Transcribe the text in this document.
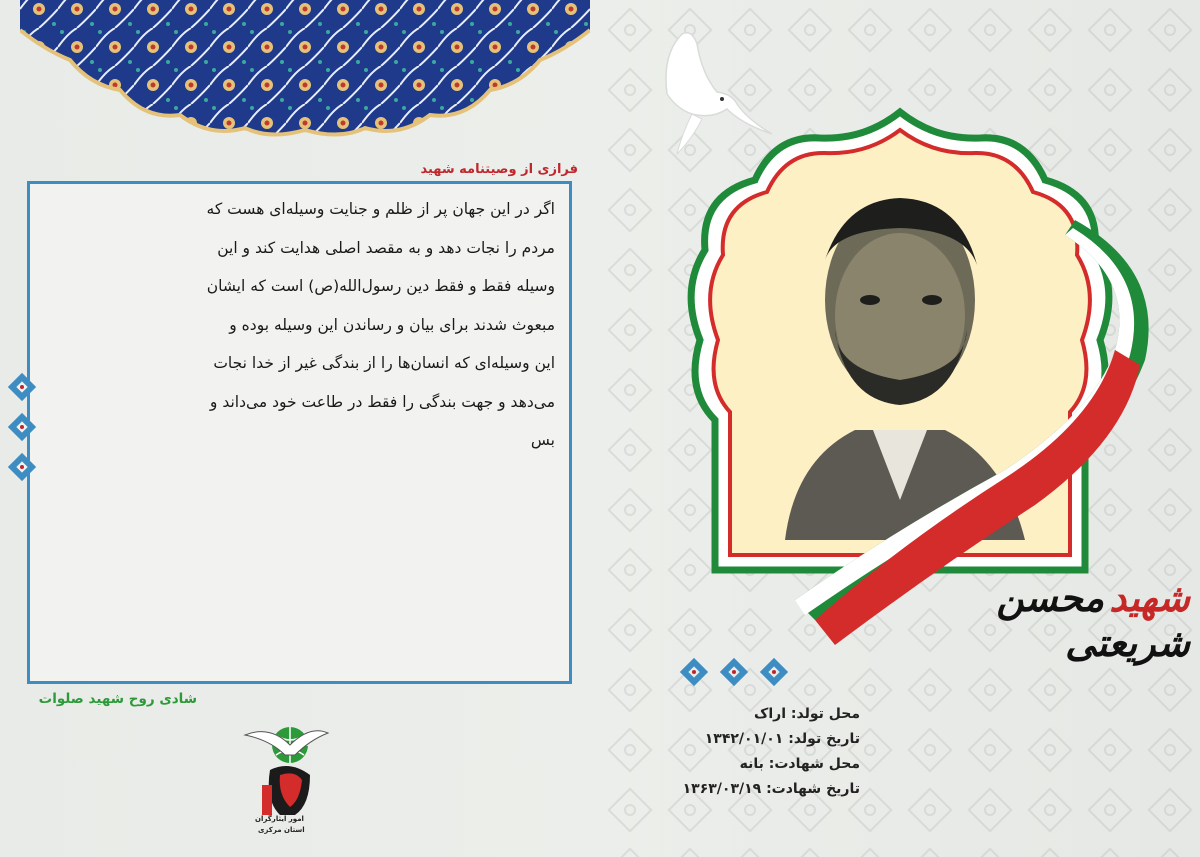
فرازی از وصیتنامه شهید
اگر در این جهان پر از ظلم و جنایت وسیله‌ای هست که
مردم را نجات دهد و به مقصد اصلی هدایت کند و این
وسیله فقط و فقط دین رسول‌الله(ص) است که ایشان
مبعوث شدند برای بیان و رساندن این وسیله بوده و
این وسیله‌ای که انسان‌ها را از بندگی غیر از خدا نجات
می‌دهد و جهت بندگی را فقط در طاعت خود می‌داند و
بس
شادی روح شهید صلوات
شهید محسن شریعتی
محل تولد: اراک
تاریخ تولد: ۱۳۴۲/۰۱/۰۱
محل شهادت: بانه
تاریخ شهادت: ۱۳۶۳/۰۳/۱۹
امور ایثارگران
استان مرکزی
